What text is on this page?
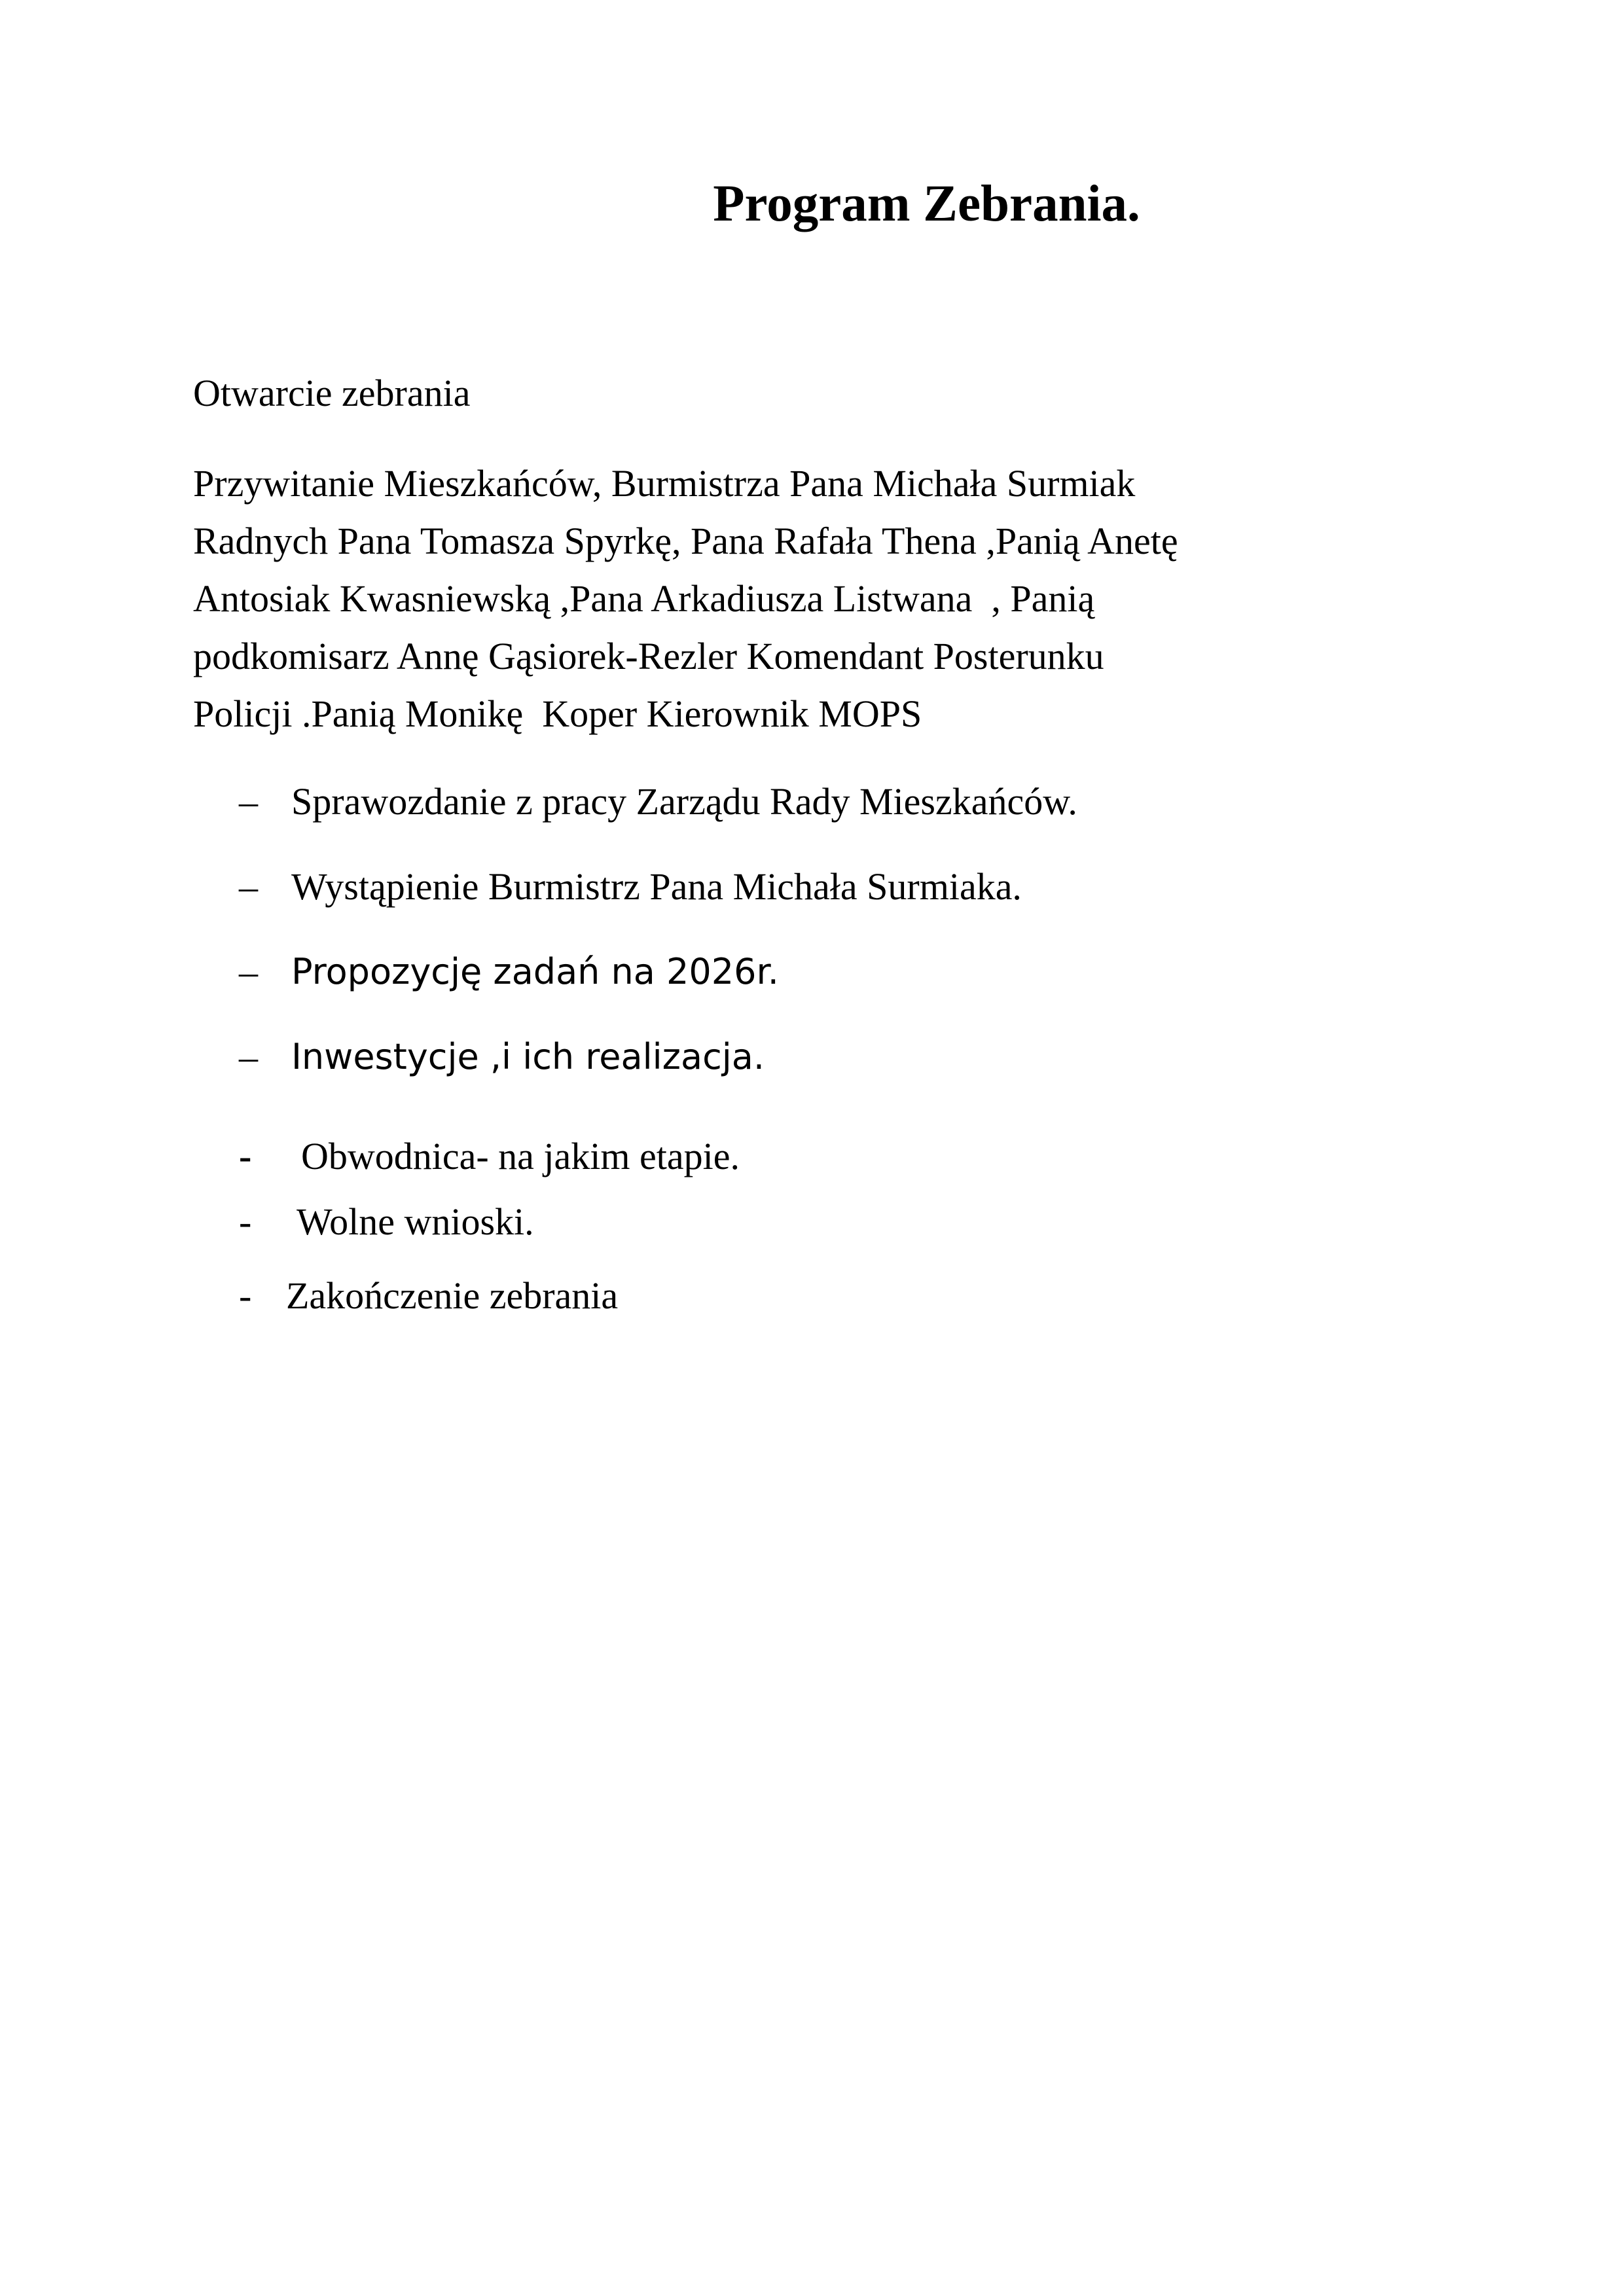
Program Zebrania.

Otwarcie zebrania

Przywitanie Mieszkańców, Burmistrza Pana Michała Surmiak
Radnych Pana Tomasza Spyrkę, Pana Rafała Thena ,Panią Anetę
Antosiak Kwasniewską ,Pana Arkadiusza Listwana  , Panią
podkomisarz Annę Gąsiorek-Rezler Komendant Posterunku
Policji .Panią Monikę  Koper Kierownik MOPS

–

Sprawozdanie z pracy Zarządu Rady Mieszkańców.

–

Wystąpienie Burmistrz Pana Michała Surmiaka.

–

Propozycję zadań na 2026r.

–

Inwestycje ,i ich realizacja.

-

Obwodnica- na jakim etapie.

-

Wolne wnioski.

-

Zakończenie zebrania
